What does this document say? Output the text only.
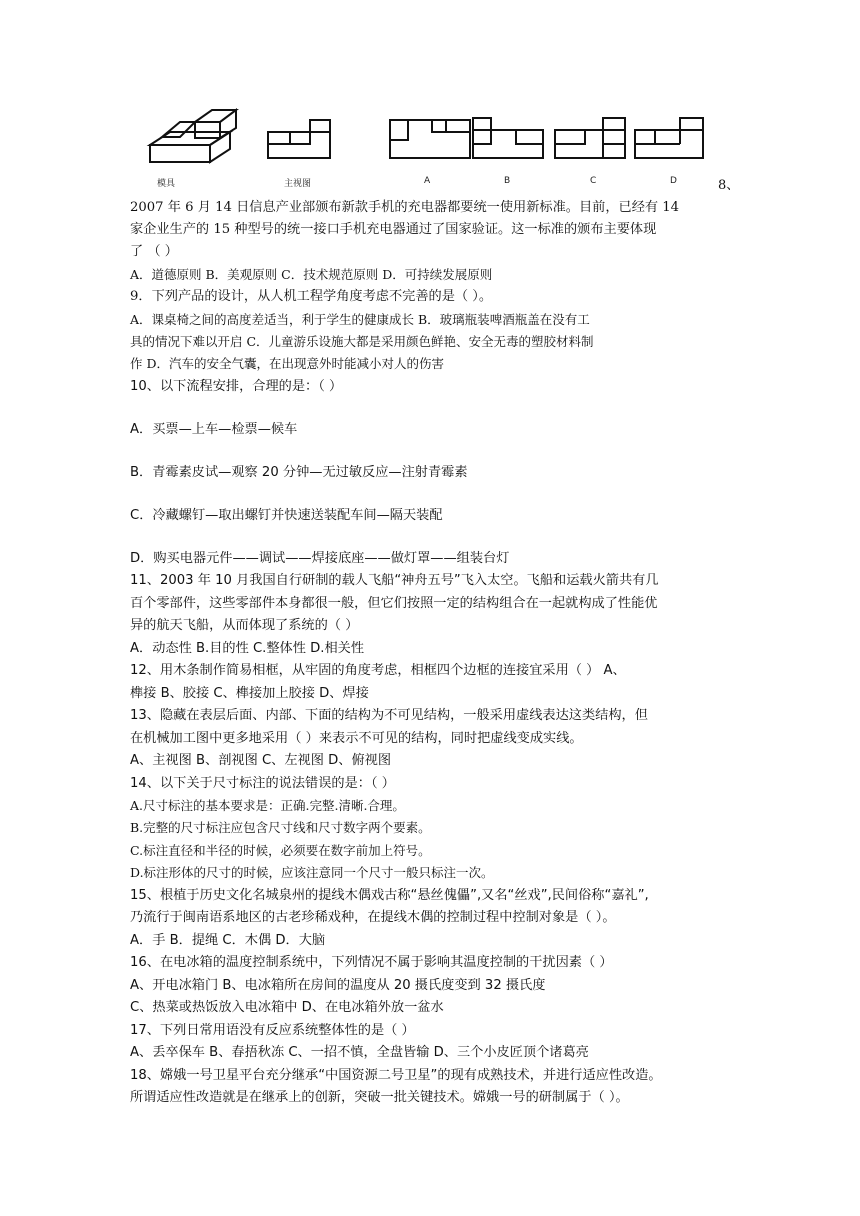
模具	主视图	A	B	C	D	8、
2007 年 6 月 14 日信息产业部颁布新款手机的充电器都要统一使用新标准。目前，已经有 14
家企业生产的 15 种型号的统一接口手机充电器通过了国家验证。这一标准的颁布主要体现
了 （ ）
A．道德原则 B．美观原则 C．技术规范原则 D．可持续发展原则
9．下列产品的设计，从人机工程学角度考虑不完善的是（ ）。
A．课桌椅之间的高度差适当，利于学生的健康成长 B．玻璃瓶装啤酒瓶盖在没有工
具的情况下难以开启 C．儿童游乐设施大都是采用颜色鲜艳、安全无毒的塑胶材料制
作 D．汽车的安全气囊，在出现意外时能减小对人的伤害
10、以下流程安排，合理的是：（ ）
A．买票—上车—检票—候车
B．青霉素皮试—观察 20 分钟—无过敏反应—注射青霉素
C．冷藏螺钉—取出螺钉并快速送装配车间—隔天装配
D．购买电器元件——调试——焊接底座——做灯罩——组装台灯
11、2003 年 10 月我国自行研制的载人飞船“神舟五号”飞入太空。飞船和运载火箭共有几
百个零部件，这些零部件本身都很一般，但它们按照一定的结构组合在一起就构成了性能优
异的航天飞船，从而体现了系统的（ ）
A．动态性 B.目的性 C.整体性 D.相关性
12、用木条制作简易相框，从牢固的角度考虑，相框四个边框的连接宜采用（ ） A、
榫接 B、胶接 C、榫接加上胶接 D、焊接
13、隐藏在表层后面、内部、下面的结构为不可见结构，一般采用虚线表达这类结构，但
在机械加工图中更多地采用（ ）来表示不可见的结构，同时把虚线变成实线。
A、主视图 B、剖视图 C、左视图 D、俯视图
14、以下关于尺寸标注的说法错误的是：（ ）
A.尺寸标注的基本要求是：正确.完整.清晰.合理。
B.完整的尺寸标注应包含尺寸线和尺寸数字两个要素。
C.标注直径和半径的时候，必须要在数字前加上符号。
D.标注形体的尺寸的时候，应该注意同一个尺寸一般只标注一次。
15、根植于历史文化名城泉州的提线木偶戏古称“悬丝傀儡”,又名“丝戏”,民间俗称“嘉礼”,
乃流行于闽南语系地区的古老珍稀戏种，在提线木偶的控制过程中控制对象是（ ）。
A．手 B．提绳 C．木偶 D．大脑
16、在电冰箱的温度控制系统中，下列情况不属于影响其温度控制的干扰因素（ ）
A、开电冰箱门 B、电冰箱所在房间的温度从 20 摄氏度变到 32 摄氏度
C、热菜或热饭放入电冰箱中 D、在电冰箱外放一盆水
17、下列日常用语没有反应系统整体性的是（ ）
A、丢卒保车 B、春捂秋冻 C、一招不慎，全盘皆输 D、三个小皮匠顶个诸葛亮
18、嫦娥一号卫星平台充分继承“中国资源二号卫星”的现有成熟技术，并进行适应性改造。
所谓适应性改造就是在继承上的创新，突破一批关键技术。嫦娥一号的研制属于（ ）。
